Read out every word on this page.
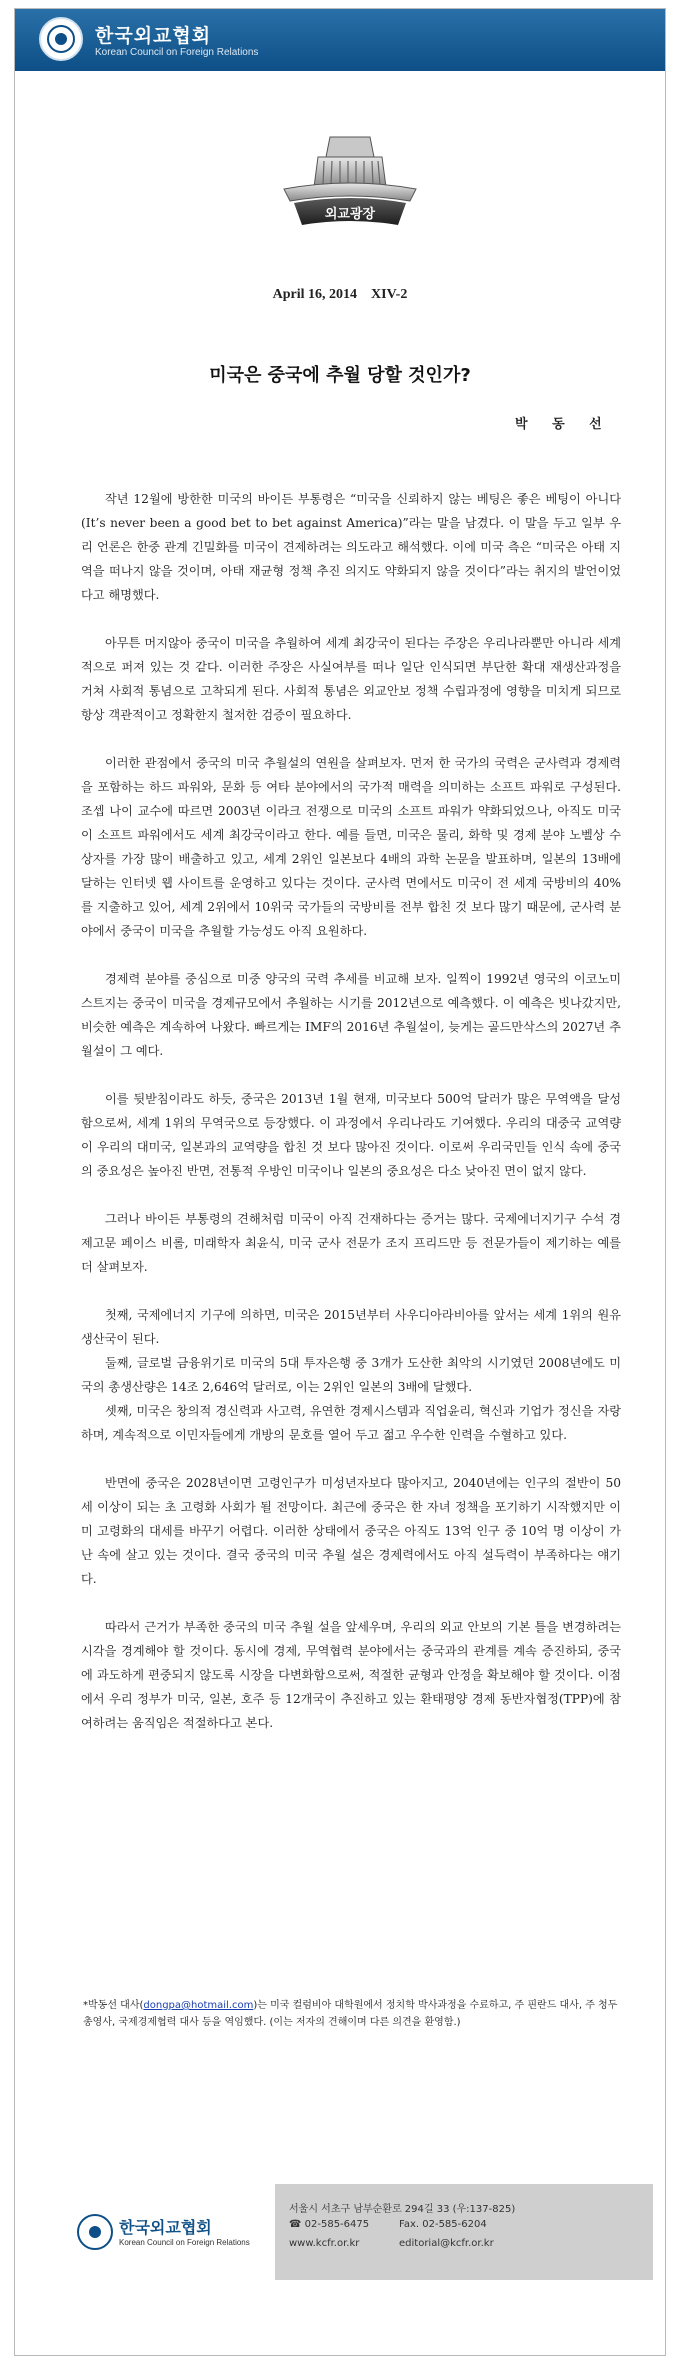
한국외교협회
Korean Council on Foreign Relations
외교광장
April 16, 2014 XIV-2
미국은 중국에 추월 당할 것인가?
박 동 선

작년 12월에 방한한 미국의 바이든 부통령은 “미국을 신뢰하지 않는 베팅은 좋은 베팅이 아니다(It’s never been a good bet to bet against America)”라는 말을 남겼다. 이 말을 두고 일부 우리 언론은 한중 관계 긴밀화를 미국이 견제하려는 의도라고 해석했다. 이에 미국 측은 “미국은 아태 지역을 떠나지 않을 것이며, 아태 재균형 정책 추진 의지도 약화되지 않을 것이다”라는 취지의 발언이었다고 해명했다.

아무튼 머지않아 중국이 미국을 추월하여 세계 최강국이 된다는 주장은 우리나라뿐만 아니라 세계적으로 퍼져 있는 것 같다. 이러한 주장은 사실여부를 떠나 일단 인식되면 부단한 확대 재생산과정을 거쳐 사회적 통념으로 고착되게 된다. 사회적 통념은 외교안보 정책 수립과정에 영향을 미치게 되므로 항상 객관적이고 정확한지 철저한 검증이 필요하다.

이러한 관점에서 중국의 미국 추월설의 연원을 살펴보자. 먼저 한 국가의 국력은 군사력과 경제력을 포함하는 하드 파워와, 문화 등 여타 분야에서의 국가적 매력을 의미하는 소프트 파워로 구성된다. 조셉 나이 교수에 따르면 2003년 이라크 전쟁으로 미국의 소프트 파워가 약화되었으나, 아직도 미국이 소프트 파워에서도 세계 최강국이라고 한다. 예를 들면, 미국은 물리, 화학 및 경제 분야 노벨상 수상자를 가장 많이 배출하고 있고, 세계 2위인 일본보다 4배의 과학 논문을 발표하며, 일본의 13배에 달하는 인터넷 웹 사이트를 운영하고 있다는 것이다. 군사력 면에서도 미국이 전 세계 국방비의 40%를 지출하고 있어, 세계 2위에서 10위국 국가들의 국방비를 전부 합친 것 보다 많기 때문에, 군사력 분야에서 중국이 미국을 추월할 가능성도 아직 요원하다.

경제력 분야를 중심으로 미중 양국의 국력 추세를 비교해 보자. 일찍이 1992년 영국의 이코노미스트지는 중국이 미국을 경제규모에서 추월하는 시기를 2012년으로 예측했다. 이 예측은 빗나갔지만, 비슷한 예측은 계속하여 나왔다. 빠르게는 IMF의 2016년 추월설이, 늦게는 골드만삭스의 2027년 추월설이 그 예다.

이를 뒷받침이라도 하듯, 중국은 2013년 1월 현재, 미국보다 500억 달러가 많은 무역액을 달성함으로써, 세계 1위의 무역국으로 등장했다. 이 과정에서 우리나라도 기여했다. 우리의 대중국 교역량이 우리의 대미국, 일본과의 교역량을 합친 것 보다 많아진 것이다. 이로써 우리국민들 인식 속에 중국의 중요성은 높아진 반면, 전통적 우방인 미국이나 일본의 중요성은 다소 낮아진 면이 없지 않다.

그러나 바이든 부통령의 견해처럼 미국이 아직 건재하다는 증거는 많다. 국제에너지기구 수석 경제고문 페이스 비롤, 미래학자 최윤식, 미국 군사 전문가 조지 프리드만 등 전문가들이 제기하는 예를 더 살펴보자.

첫째, 국제에너지 기구에 의하면, 미국은 2015년부터 사우디아라비아를 앞서는 세계 1위의 원유 생산국이 된다.

둘째, 글로벌 금융위기로 미국의 5대 투자은행 중 3개가 도산한 최악의 시기였던 2008년에도 미국의 총생산량은 14조 2,646억 달러로, 이는 2위인 일본의 3배에 달했다.

셋째, 미국은 창의적 경신력과 사고력, 유연한 경제시스템과 직업윤리, 혁신과 기업가 정신을 자랑하며, 계속적으로 이민자들에게 개방의 문호를 열어 두고 젊고 우수한 인력을 수혈하고 있다.

반면에 중국은 2028년이면 고령인구가 미성년자보다 많아지고, 2040년에는 인구의 절반이 50세 이상이 되는 초 고령화 사회가 될 전망이다. 최근에 중국은 한 자녀 정책을 포기하기 시작했지만 이미 고령화의 대세를 바꾸기 어렵다. 이러한 상태에서 중국은 아직도 13억 인구 중 10억 명 이상이 가난 속에 살고 있는 것이다. 결국 중국의 미국 추월 설은 경제력에서도 아직 설득력이 부족하다는 얘기다.

따라서 근거가 부족한 중국의 미국 추월 설을 앞세우며, 우리의 외교 안보의 기본 틀을 변경하려는 시각을 경계해야 할 것이다. 동시에 경제, 무역협력 분야에서는 중국과의 관계를 계속 증진하되, 중국에 과도하게 편중되지 않도록 시장을 다변화함으로써, 적절한 균형과 안정을 확보해야 할 것이다. 이점에서 우리 정부가 미국, 일본, 호주 등 12개국이 추진하고 있는 환태평양 경제 동반자협정(TPP)에 참여하려는 움직임은 적절하다고 본다.

*박동선 대사(dongpa@hotmail.com)는 미국 컬럼비아 대학원에서 정치학 박사과정을 수료하고, 주 핀란드 대사, 주 청두 총영사, 국제경제협력 대사 등을 역임했다. (이는 저자의 견해이며 다른 의견을 환영함.)
한국외교협회
Korean Council on Foreign Relations
서울시 서초구 남부순환로 294길 33 (우:137-825)
☎ 02-585-6475	Fax. 02-585-6204
www.kcfr.or.kr	editorial@kcfr.or.kr
